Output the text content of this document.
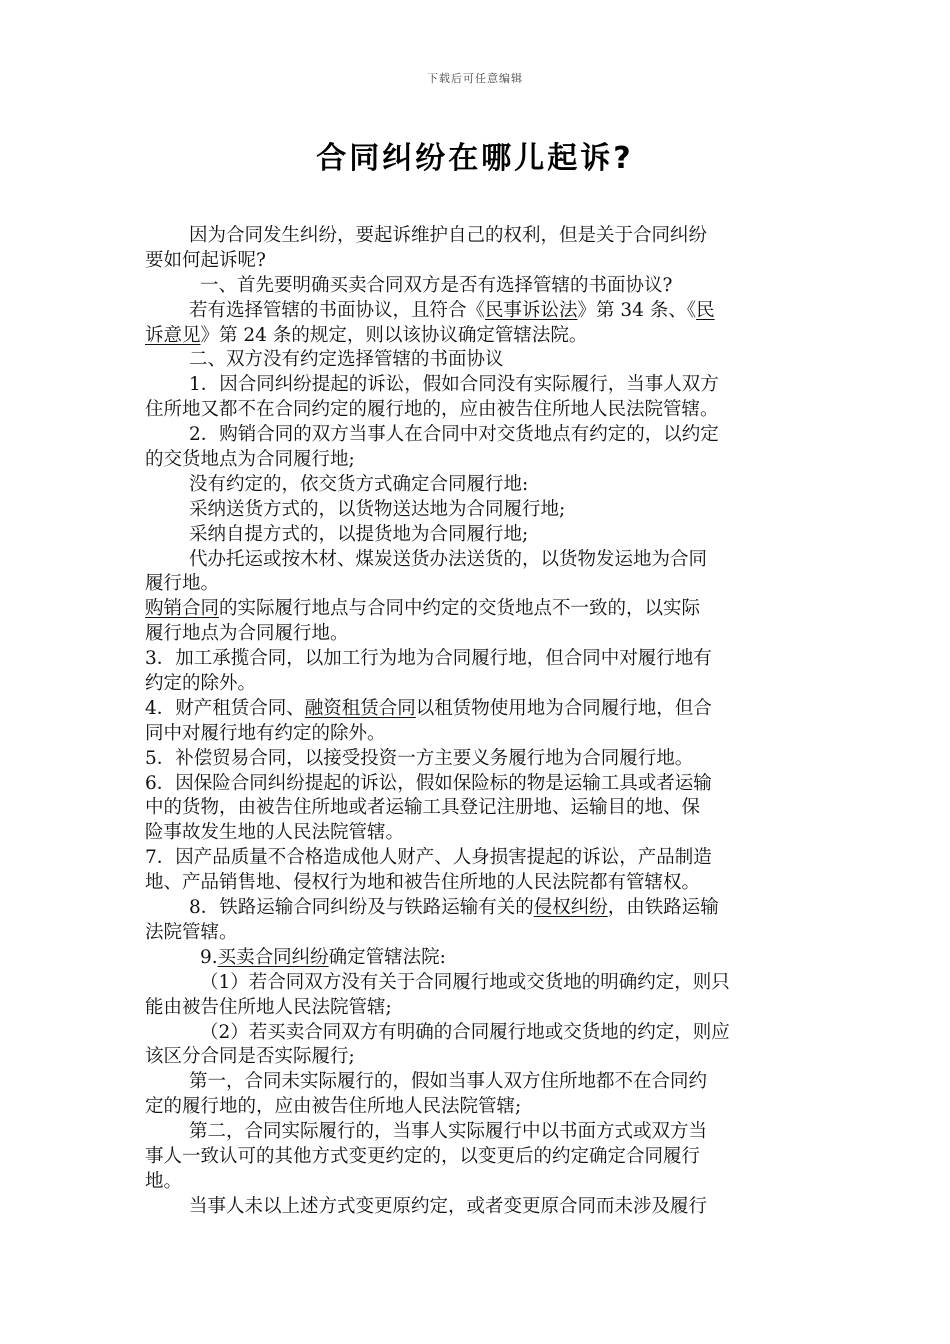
下载后可任意编辑
合同纠纷在哪儿起诉?

因为合同发生纠纷，要起诉维护自己的权利，但是关于合同纠纷

要如何起诉呢?

一、首先要明确买卖合同双方是否有选择管辖的书面协议?

若有选择管辖的书面协议，且符合《民事诉讼法》第 34 条、《民

诉意见》第 24 条的规定，则以该协议确定管辖法院。

二、双方没有约定选择管辖的书面协议

1．因合同纠纷提起的诉讼，假如合同没有实际履行，当事人双方

住所地又都不在合同约定的履行地的，应由被告住所地人民法院管辖。

2．购销合同的双方当事人在合同中对交货地点有约定的，以约定

的交货地点为合同履行地;

没有约定的，依交货方式确定合同履行地:

采纳送货方式的，以货物送达地为合同履行地;

采纳自提方式的，以提货地为合同履行地;

代办托运或按木材、煤炭送货办法送货的，以货物发运地为合同

履行地。

购销合同的实际履行地点与合同中约定的交货地点不一致的，以实际

履行地点为合同履行地。

3．加工承揽合同，以加工行为地为合同履行地，但合同中对履行地有

约定的除外。

4．财产租赁合同、融资租赁合同以租赁物使用地为合同履行地，但合

同中对履行地有约定的除外。

5．补偿贸易合同，以接受投资一方主要义务履行地为合同履行地。

6．因保险合同纠纷提起的诉讼，假如保险标的物是运输工具或者运输

中的货物，由被告住所地或者运输工具登记注册地、运输目的地、保

险事故发生地的人民法院管辖。

7．因产品质量不合格造成他人财产、人身损害提起的诉讼，产品制造

地、产品销售地、侵权行为地和被告住所地的人民法院都有管辖权。

8．铁路运输合同纠纷及与铁路运输有关的侵权纠纷，由铁路运输

法院管辖。

9.买卖合同纠纷确定管辖法院:

（1）若合同双方没有关于合同履行地或交货地的明确约定，则只

能由被告住所地人民法院管辖;

（2）若买卖合同双方有明确的合同履行地或交货地的约定，则应

该区分合同是否实际履行;

第一，合同未实际履行的，假如当事人双方住所地都不在合同约

定的履行地的，应由被告住所地人民法院管辖;

第二，合同实际履行的，当事人实际履行中以书面方式或双方当

事人一致认可的其他方式变更约定的，以变更后的约定确定合同履行

地。

当事人未以上述方式变更原约定，或者变更原合同而未涉及履行
